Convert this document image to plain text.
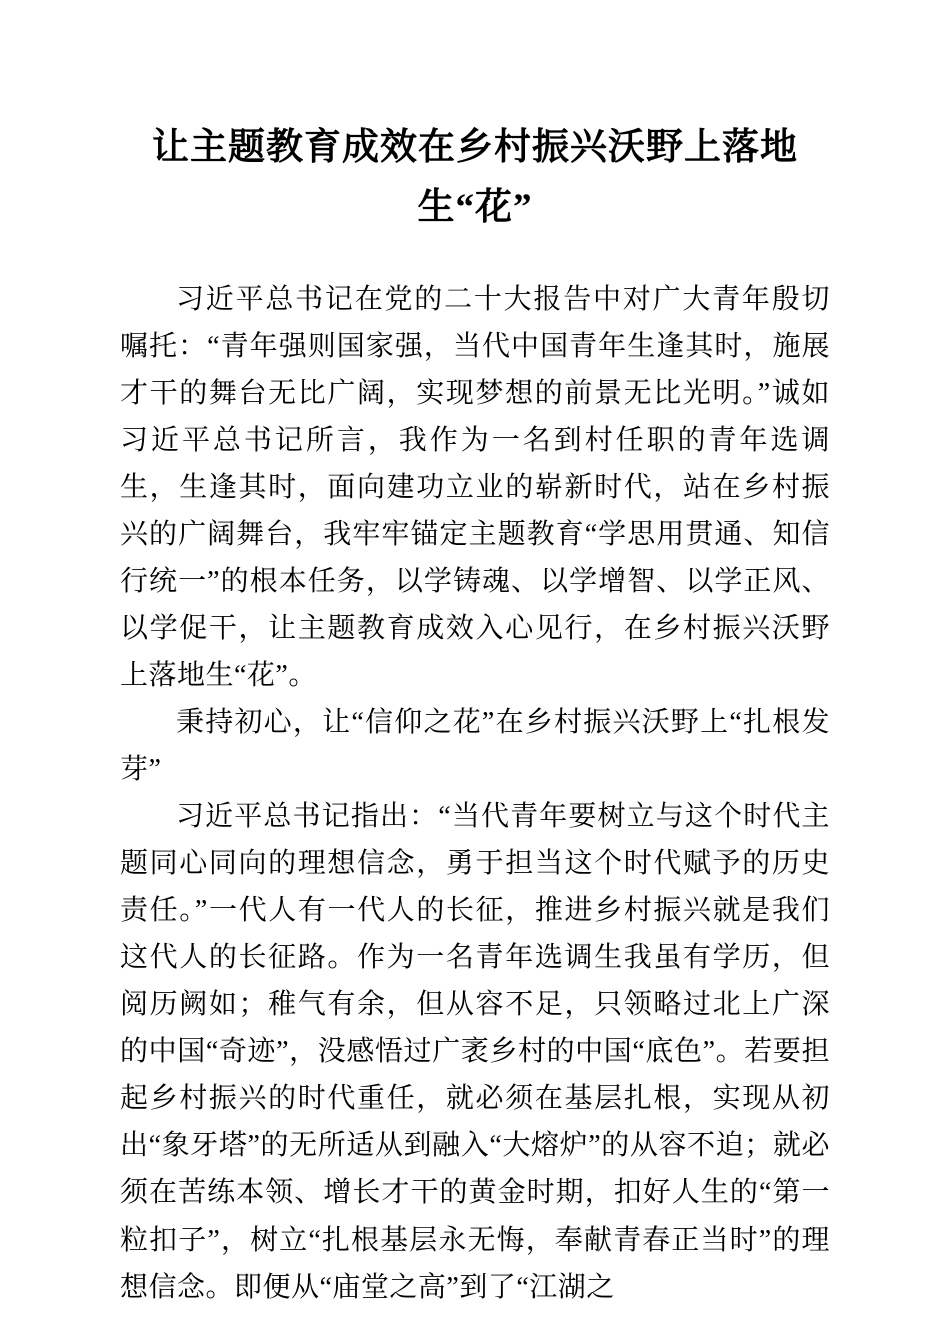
让主题教育成效在乡村振兴沃野上落地
生“花”

习近平总书记在党的二十大报告中对广大青年殷切嘱托：“青年强则国家强，当代中国青年生逢其时，施展才干的舞台无比广阔，实现梦想的前景无比光明。”诚如习近平总书记所言，我作为一名到村任职的青年选调生，生逢其时，面向建功立业的崭新时代，站在乡村振兴的广阔舞台，我牢牢锚定主题教育“学思用贯通、知信行统一”的根本任务，以学铸魂、以学增智、以学正风、以学促干，让主题教育成效入心见行，在乡村振兴沃野上落地生“花”。

秉持初心，让“信仰之花”在乡村振兴沃野上“扎根发芽”

习近平总书记指出：“当代青年要树立与这个时代主题同心同向的理想信念，勇于担当这个时代赋予的历史责任。”一代人有一代人的长征，推进乡村振兴就是我们这代人的长征路。作为一名青年选调生我虽有学历，但阅历阙如；稚气有余，但从容不足，只领略过北上广深的中国“奇迹”，没感悟过广袤乡村的中国“底色”。若要担起乡村振兴的时代重任，就必须在基层扎根，实现从初出“象牙塔”的无所适从到融入“大熔炉”的从容不迫；就必须在苦练本领、增长才干的黄金时期，扣好人生的“第一粒扣子”，树立“扎根基层永无悔，奉献青春正当时”的理想信念。即便从“庙堂之高”到了“江湖之
